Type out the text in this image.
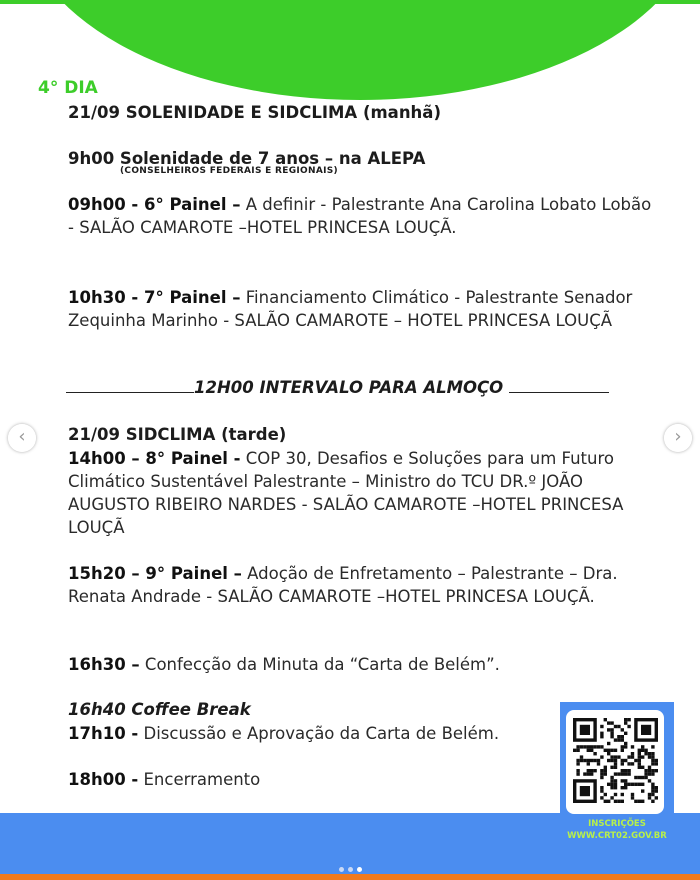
4° DIA
21/09 SOLENIDADE E SIDCLIMA (manhã)
9h00 Solenidade de 7 anos – na ALEPA
(CONSELHEIROS FEDERAIS E REGIONAIS)

09h00 - 6° Painel – A definir - Palestrante Ana Carolina Lobato Lobão - SALÃO CAMAROTE –HOTEL PRINCESA LOUÇÃ.

10h30 - 7° Painel – Financiamento Climático - Palestrante Senador Zequinha Marinho - SALÃO CAMAROTE – HOTEL PRINCESA LOUÇÃ

12H00 INTERVALO PARA ALMOÇO
21/09 SIDCLIMA (tarde)

14h00 – 8° Painel - COP 30, Desafios e Soluções para um Futuro Climático Sustentável Palestrante – Ministro do TCU DR.º JOÃO AUGUSTO RIBEIRO NARDES - SALÃO CAMAROTE –HOTEL PRINCESA LOUÇÃ

15h20 – 9° Painel – Adoção de Enfretamento – Palestrante – Dra. Renata Andrade - SALÃO CAMAROTE –HOTEL PRINCESA LOUÇÃ.

16h30 – Confecção da Minuta da “Carta de Belém”.

16h40 Coffee Break

17h10 - Discussão e Aprovação da Carta de Belém.

18h00 - Encerramento

INSCRIÇÕES
WWW.CRT02.GOV.BR
‹	›
